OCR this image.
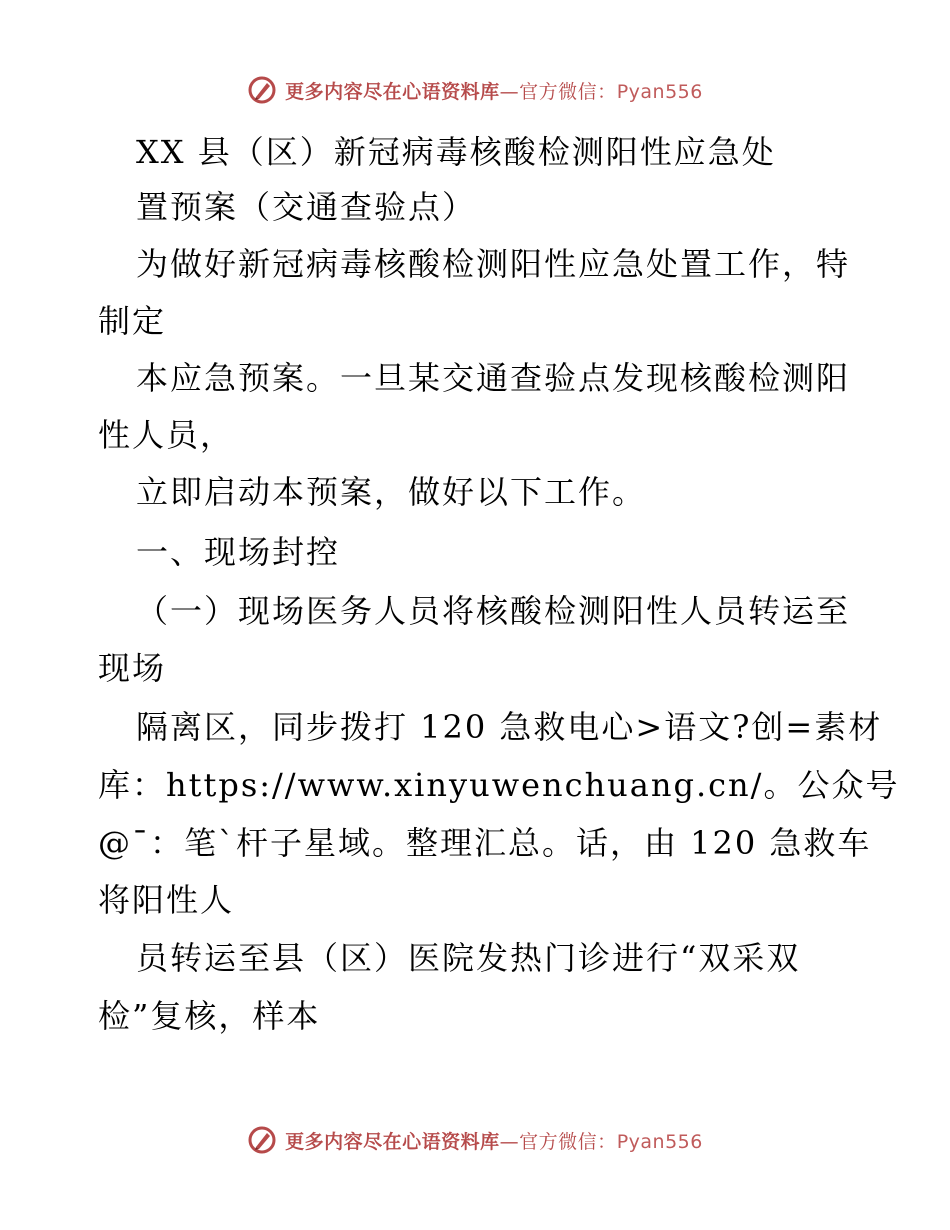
更多内容尽在心语资料库—官方微信：Pyan556
XX 县（区）新冠病毒核酸检测阳性应急处
置预案（交通查验点）
为做好新冠病毒核酸检测阳性应急处置工作，特
制定
本应急预案。一旦某交通查验点发现核酸检测阳
性人员，
立即启动本预案，做好以下工作。
一、现场封控
（一）现场医务人员将核酸检测阳性人员转运至
现场
隔离区，同步拨打 120 急救电心>语文?创=素材
库：https://www.xinyuwenchuang.cn/。公众号
@¯：笔`杆子星域。整理汇总。话，由 120 急救车
将阳性人
员转运至县（区）医院发热门诊进行“双采双
检”复核，样本
更多内容尽在心语资料库—官方微信：Pyan556
